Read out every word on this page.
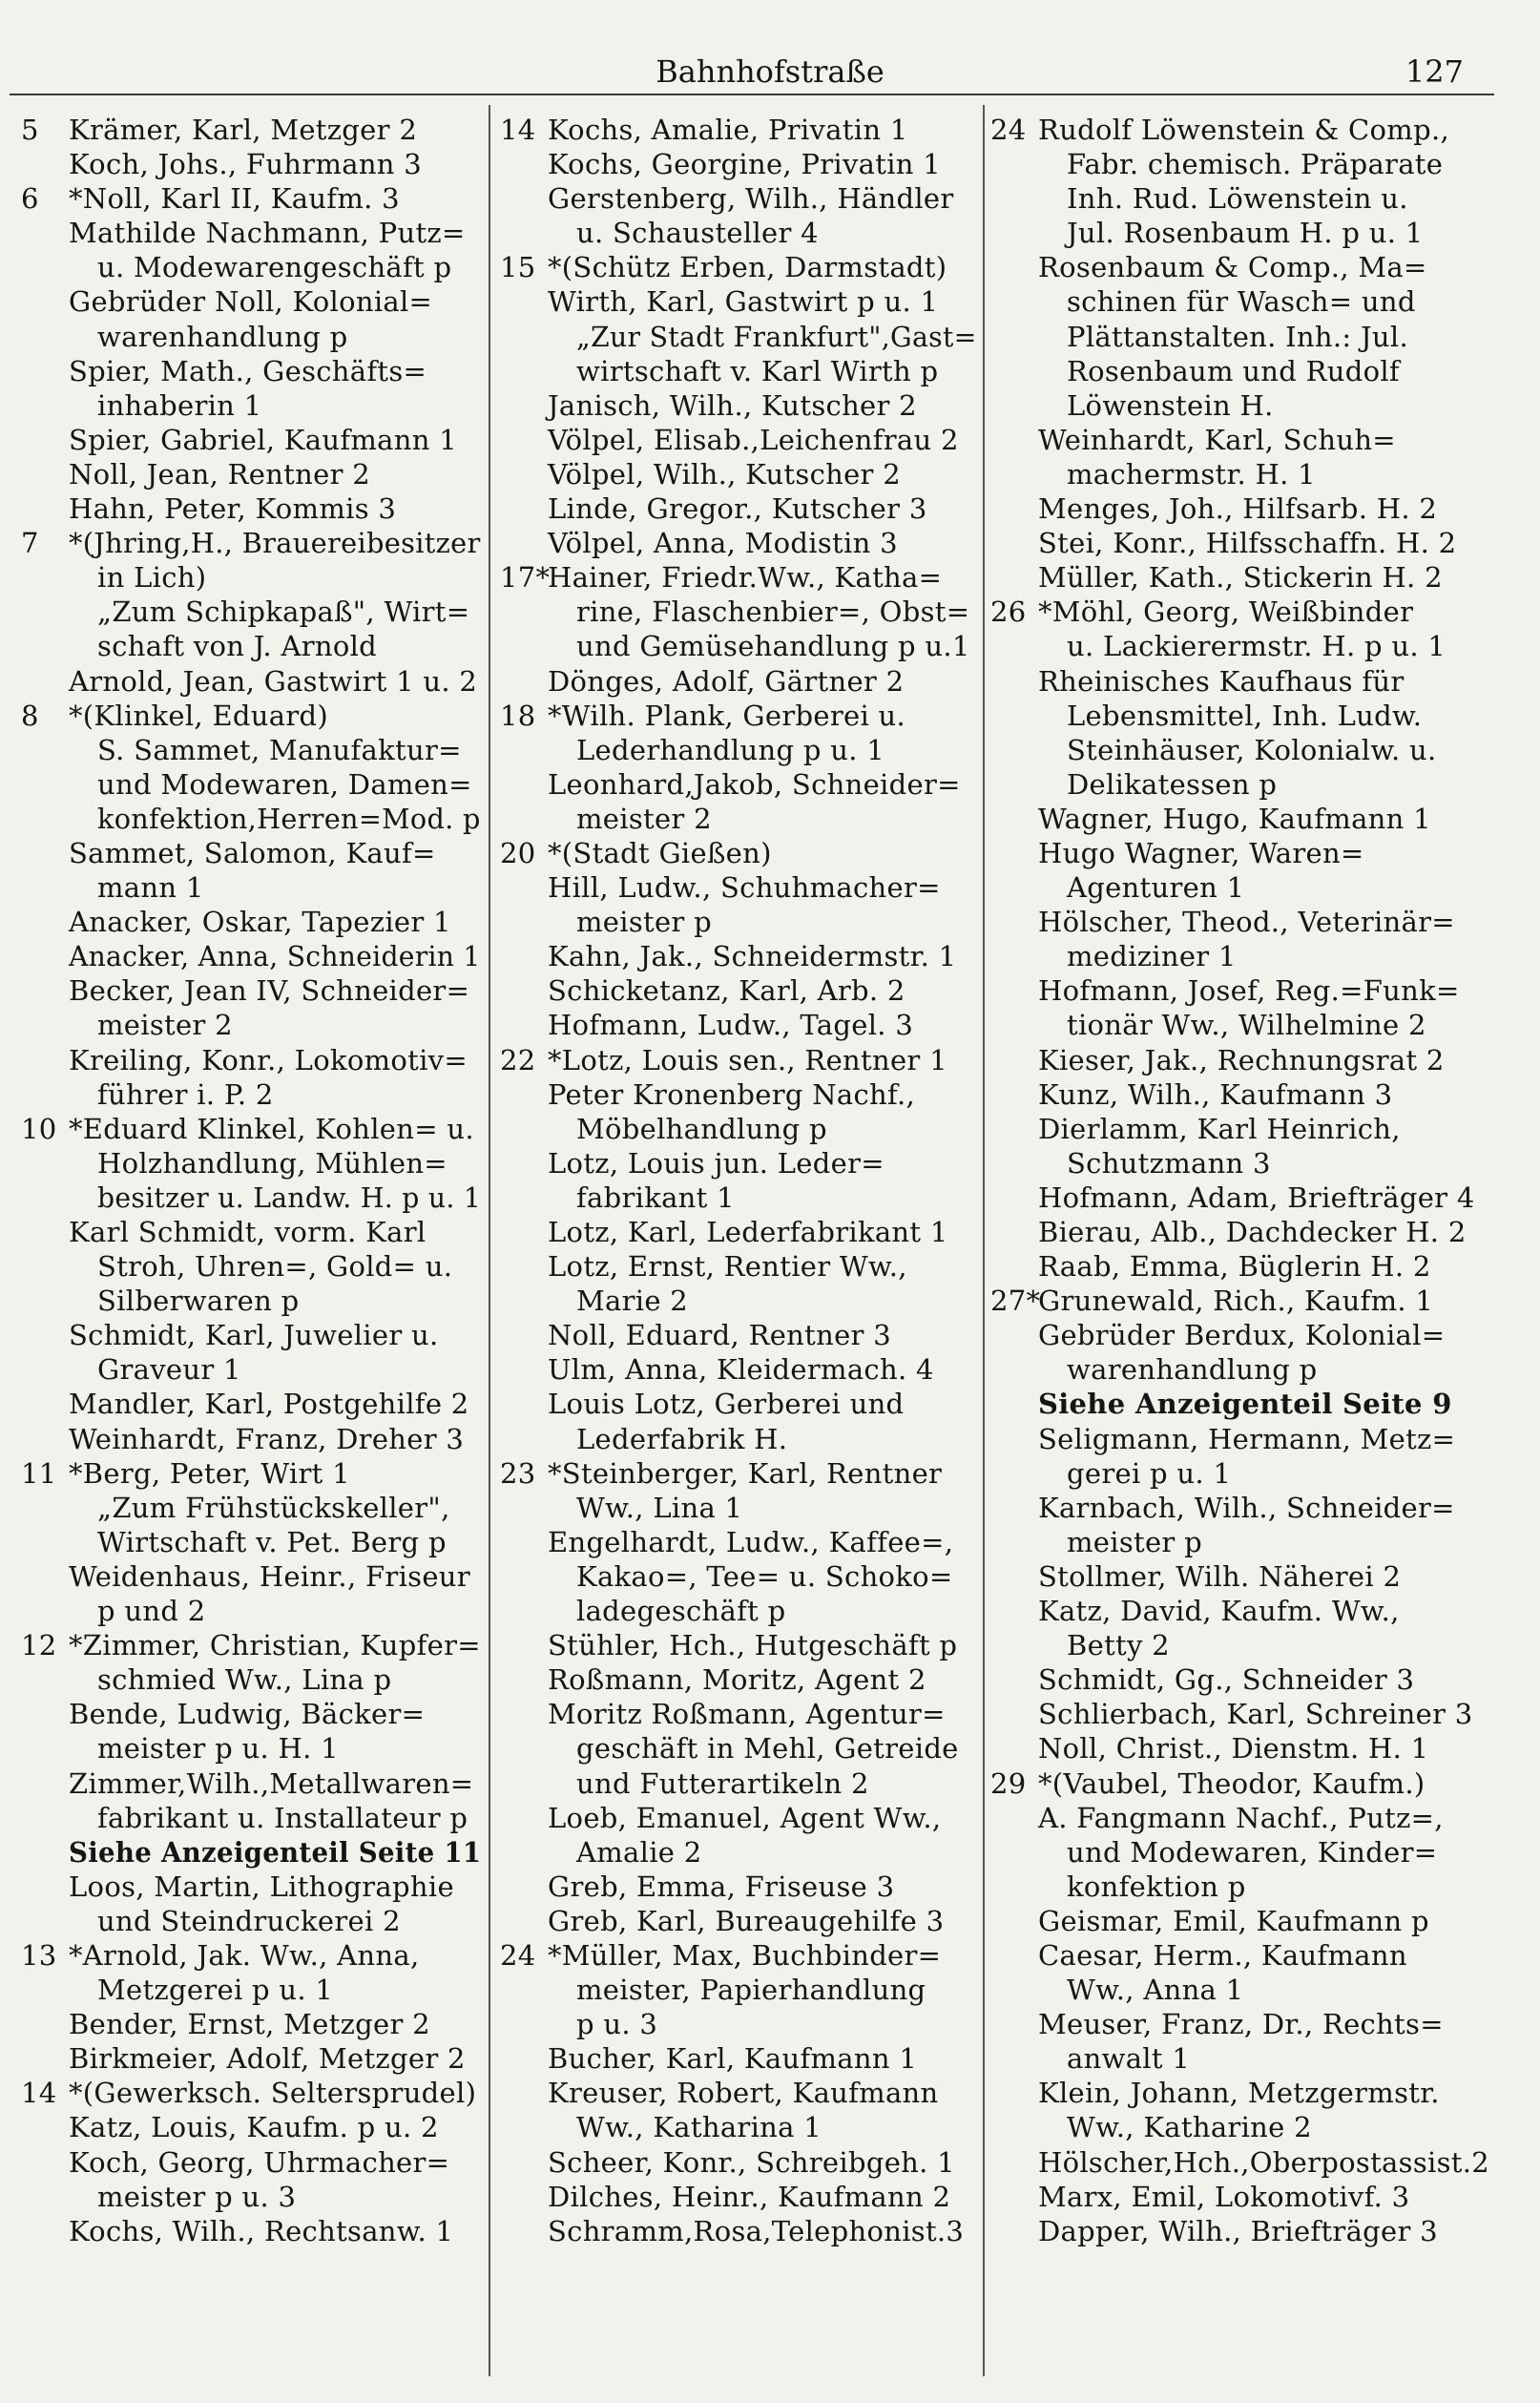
Bahnhofstraße	127
5 Krämer, Karl, Metzger 2
Koch, Johs., Fuhrmann 3
6 *Noll, Karl II, Kaufm. 3
Mathilde Nachmann, Putz=
u. Modewarengeschäft p
Gebrüder Noll, Kolonial=
warenhandlung p
Spier, Math., Geschäfts=
inhaberin 1
Spier, Gabriel, Kaufmann 1
Noll, Jean, Rentner 2
Hahn, Peter, Kommis 3
7 *(Jhring,H., Brauereibesitzer
in Lich)
„Zum Schipkapaß", Wirt=
schaft von J. Arnold
Arnold, Jean, Gastwirt 1 u. 2
8 *(Klinkel, Eduard)
S. Sammet, Manufaktur=
und Modewaren, Damen=
konfektion,Herren=Mod. p
Sammet, Salomon, Kauf=
mann 1
Anacker, Oskar, Tapezier 1
Anacker, Anna, Schneiderin 1
Becker, Jean IV, Schneider=
meister 2
Kreiling, Konr., Lokomotiv=
führer i. P. 2
10 *Eduard Klinkel, Kohlen= u.
Holzhandlung, Mühlen=
besitzer u. Landw. H. p u. 1
Karl Schmidt, vorm. Karl
Stroh, Uhren=, Gold= u.
Silberwaren p
Schmidt, Karl, Juwelier u.
Graveur 1
Mandler, Karl, Postgehilfe 2
Weinhardt, Franz, Dreher 3
11 *Berg, Peter, Wirt 1
„Zum Frühstückskeller",
Wirtschaft v. Pet. Berg p
Weidenhaus, Heinr., Friseur
p und 2
12 *Zimmer, Christian, Kupfer=
schmied Ww., Lina p
Bende, Ludwig, Bäcker=
meister p u. H. 1
Zimmer,Wilh.,Metallwaren=
fabrikant u. Installateur p
Siehe Anzeigenteil Seite 11
Loos, Martin, Lithographie
und Steindruckerei 2
13 *Arnold, Jak. Ww., Anna,
Metzgerei p u. 1
Bender, Ernst, Metzger 2
Birkmeier, Adolf, Metzger 2
14 *(Gewerksch. Seltersprudel)
Katz, Louis, Kaufm. p u. 2
Koch, Georg, Uhrmacher=
meister p u. 3
Kochs, Wilh., Rechtsanw. 1
14 Kochs, Amalie, Privatin 1
Kochs, Georgine, Privatin 1
Gerstenberg, Wilh., Händler
u. Schausteller 4
15 *(Schütz Erben, Darmstadt)
Wirth, Karl, Gastwirt p u. 1
„Zur Stadt Frankfurt",Gast=
wirtschaft v. Karl Wirth p
Janisch, Wilh., Kutscher 2
Völpel, Elisab.,Leichenfrau 2
Völpel, Wilh., Kutscher 2
Linde, Gregor., Kutscher 3
Völpel, Anna, Modistin 3
17*
Hainer, Friedr.Ww., Katha=
rine, Flaschenbier=, Obst=
und Gemüsehandlung p u.1
Dönges, Adolf, Gärtner 2
18 *Wilh. Plank, Gerberei u.
Lederhandlung p u. 1
Leonhard,Jakob, Schneider=
meister 2
20 *(Stadt Gießen)
Hill, Ludw., Schuhmacher=
meister p
Kahn, Jak., Schneidermstr. 1
Schicketanz, Karl, Arb. 2
Hofmann, Ludw., Tagel. 3
22 *Lotz, Louis sen., Rentner 1
Peter Kronenberg Nachf.,
Möbelhandlung p
Lotz, Louis jun. Leder=
fabrikant 1
Lotz, Karl, Lederfabrikant 1
Lotz, Ernst, Rentier Ww.,
Marie 2
Noll, Eduard, Rentner 3
Ulm, Anna, Kleidermach. 4
Louis Lotz, Gerberei und
Lederfabrik H.
23 *Steinberger, Karl, Rentner
Ww., Lina 1
Engelhardt, Ludw., Kaffee=,
Kakao=, Tee= u. Schoko=
ladegeschäft p
Stühler, Hch., Hutgeschäft p
Roßmann, Moritz, Agent 2
Moritz Roßmann, Agentur=
geschäft in Mehl, Getreide
und Futterartikeln 2
Loeb, Emanuel, Agent Ww.,
Amalie 2
Greb, Emma, Friseuse 3
Greb, Karl, Bureaugehilfe 3
24 *Müller, Max, Buchbinder=
meister, Papierhandlung
p u. 3
Bucher, Karl, Kaufmann 1
Kreuser, Robert, Kaufmann
Ww., Katharina 1
Scheer, Konr., Schreibgeh. 1
Dilches, Heinr., Kaufmann 2
Schramm,Rosa,Telephonist.3
24 Rudolf Löwenstein & Comp.,
Fabr. chemisch. Präparate
Inh. Rud. Löwenstein u.
Jul. Rosenbaum H. p u. 1
Rosenbaum & Comp., Ma=
schinen für Wasch= und
Plättanstalten. Inh.: Jul.
Rosenbaum und Rudolf
Löwenstein H.
Weinhardt, Karl, Schuh=
machermstr. H. 1
Menges, Joh., Hilfsarb. H. 2
Stei, Konr., Hilfsschaffn. H. 2
Müller, Kath., Stickerin H. 2
26 *Möhl, Georg, Weißbinder
u. Lackierermstr. H. p u. 1
Rheinisches Kaufhaus für
Lebensmittel, Inh. Ludw.
Steinhäuser, Kolonialw. u.
Delikatessen p
Wagner, Hugo, Kaufmann 1
Hugo Wagner, Waren=
Agenturen 1
Hölscher, Theod., Veterinär=
mediziner 1
Hofmann, Josef, Reg.=Funk=
tionär Ww., Wilhelmine 2
Kieser, Jak., Rechnungsrat 2
Kunz, Wilh., Kaufmann 3
Dierlamm, Karl Heinrich,
Schutzmann 3
Hofmann, Adam, Briefträger 4
Bierau, Alb., Dachdecker H. 2
Raab, Emma, Büglerin H. 2
27*
Grunewald, Rich., Kaufm. 1
Gebrüder Berdux, Kolonial=
warenhandlung p
Siehe Anzeigenteil Seite 9
Seligmann, Hermann, Metz=
gerei p u. 1
Karnbach, Wilh., Schneider=
meister p
Stollmer, Wilh. Näherei 2
Katz, David, Kaufm. Ww.,
Betty 2
Schmidt, Gg., Schneider 3
Schlierbach, Karl, Schreiner 3
Noll, Christ., Dienstm. H. 1
29 *(Vaubel, Theodor, Kaufm.)
A. Fangmann Nachf., Putz=,
und Modewaren, Kinder=
konfektion p
Geismar, Emil, Kaufmann p
Caesar, Herm., Kaufmann
Ww., Anna 1
Meuser, Franz, Dr., Rechts=
anwalt 1
Klein, Johann, Metzgermstr.
Ww., Katharine 2
Hölscher,Hch.,Oberpostassist.2
Marx, Emil, Lokomotivf. 3
Dapper, Wilh., Briefträger 3
